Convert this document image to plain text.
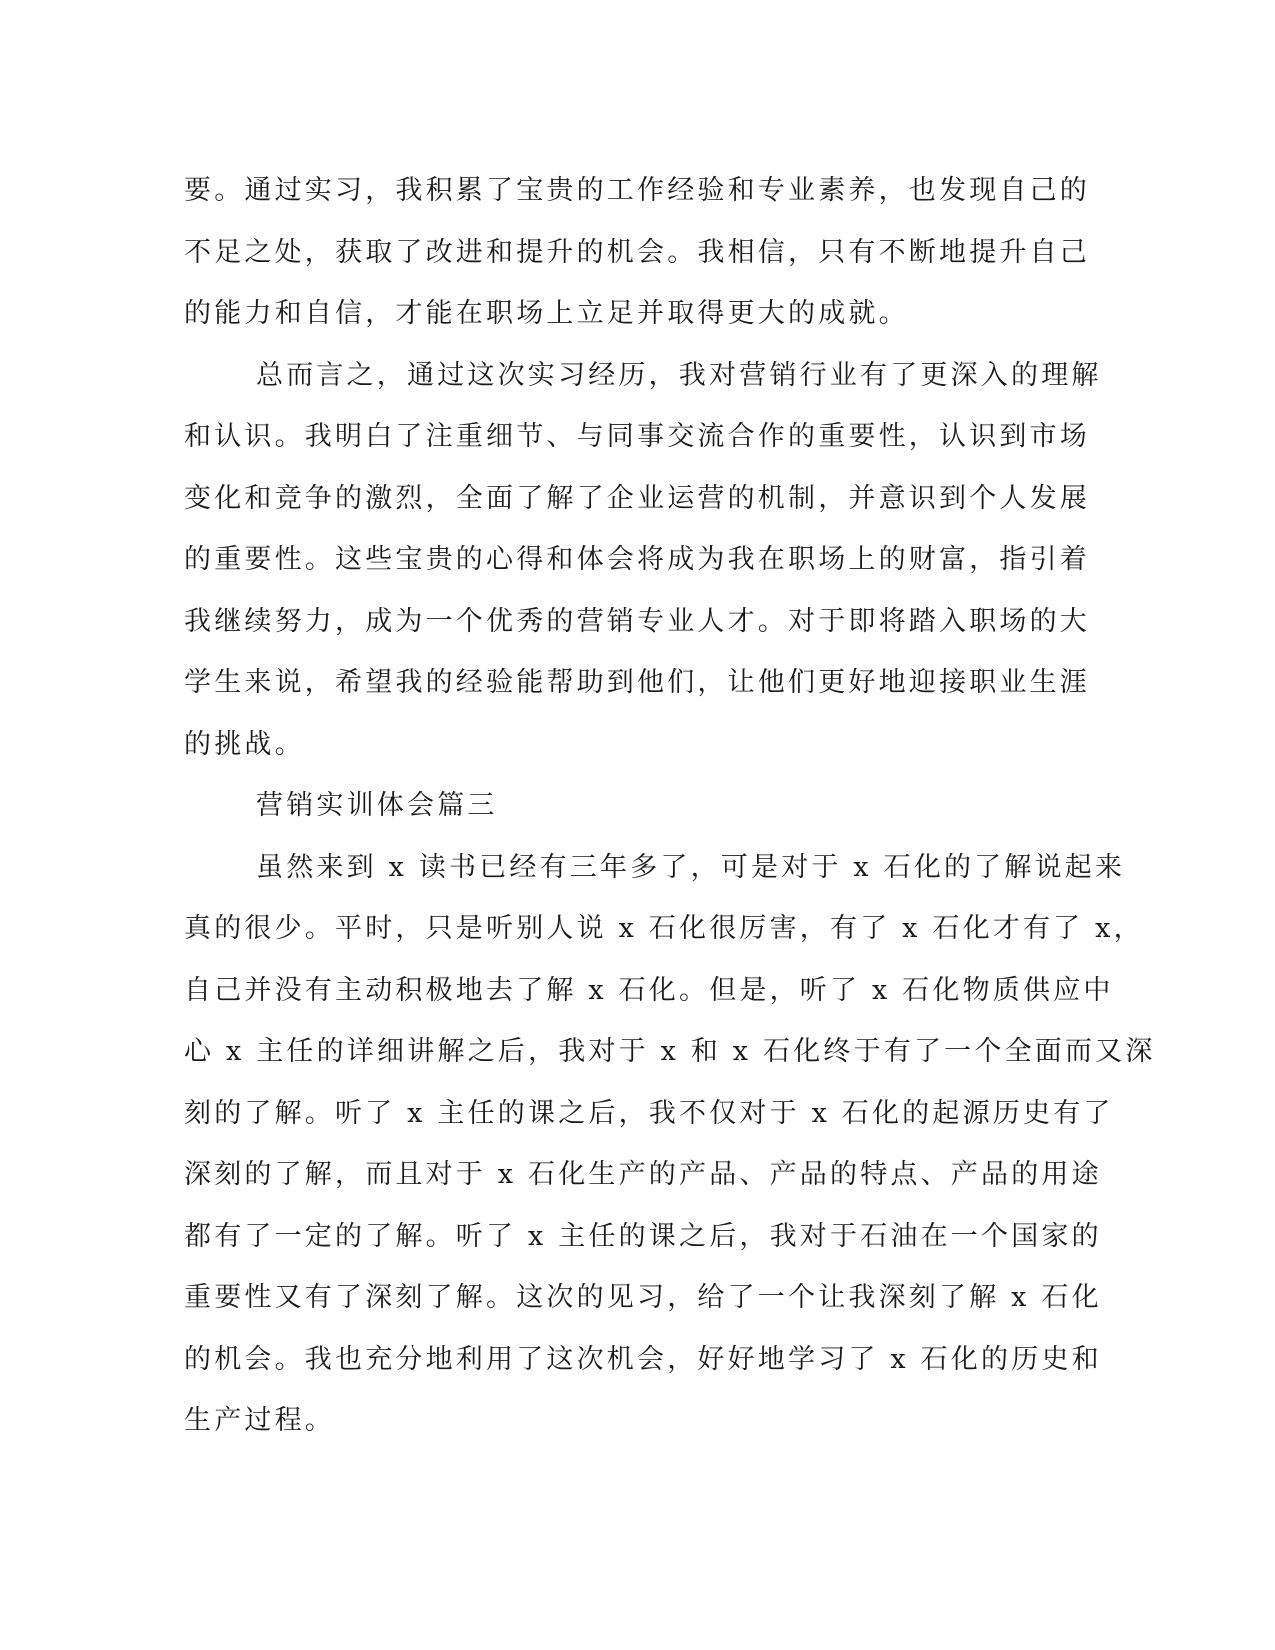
要。通过实习，我积累了宝贵的工作经验和专业素养，也发现自己的
不足之处，获取了改进和提升的机会。我相信，只有不断地提升自己
的能力和自信，才能在职场上立足并取得更大的成就。
总而言之，通过这次实习经历，我对营销行业有了更深入的理解
和认识。我明白了注重细节、与同事交流合作的重要性，认识到市场
变化和竞争的激烈，全面了解了企业运营的机制，并意识到个人发展
的重要性。这些宝贵的心得和体会将成为我在职场上的财富，指引着
我继续努力，成为一个优秀的营销专业人才。对于即将踏入职场的大
学生来说，希望我的经验能帮助到他们，让他们更好地迎接职业生涯
的挑战。
营销实训体会篇三
虽然来到 x 读书已经有三年多了，可是对于 x 石化的了解说起来
真的很少。平时，只是听别人说 x 石化很厉害，有了 x 石化才有了 x，
自己并没有主动积极地去了解 x 石化。但是，听了 x 石化物质供应中
心 x 主任的详细讲解之后，我对于 x 和 x 石化终于有了一个全面而又深
刻的了解。听了 x 主任的课之后，我不仅对于 x 石化的起源历史有了
深刻的了解，而且对于 x 石化生产的产品、产品的特点、产品的用途
都有了一定的了解。听了 x 主任的课之后，我对于石油在一个国家的
重要性又有了深刻了解。这次的见习，给了一个让我深刻了解 x 石化
的机会。我也充分地利用了这次机会，好好地学习了 x 石化的历史和
生产过程。
